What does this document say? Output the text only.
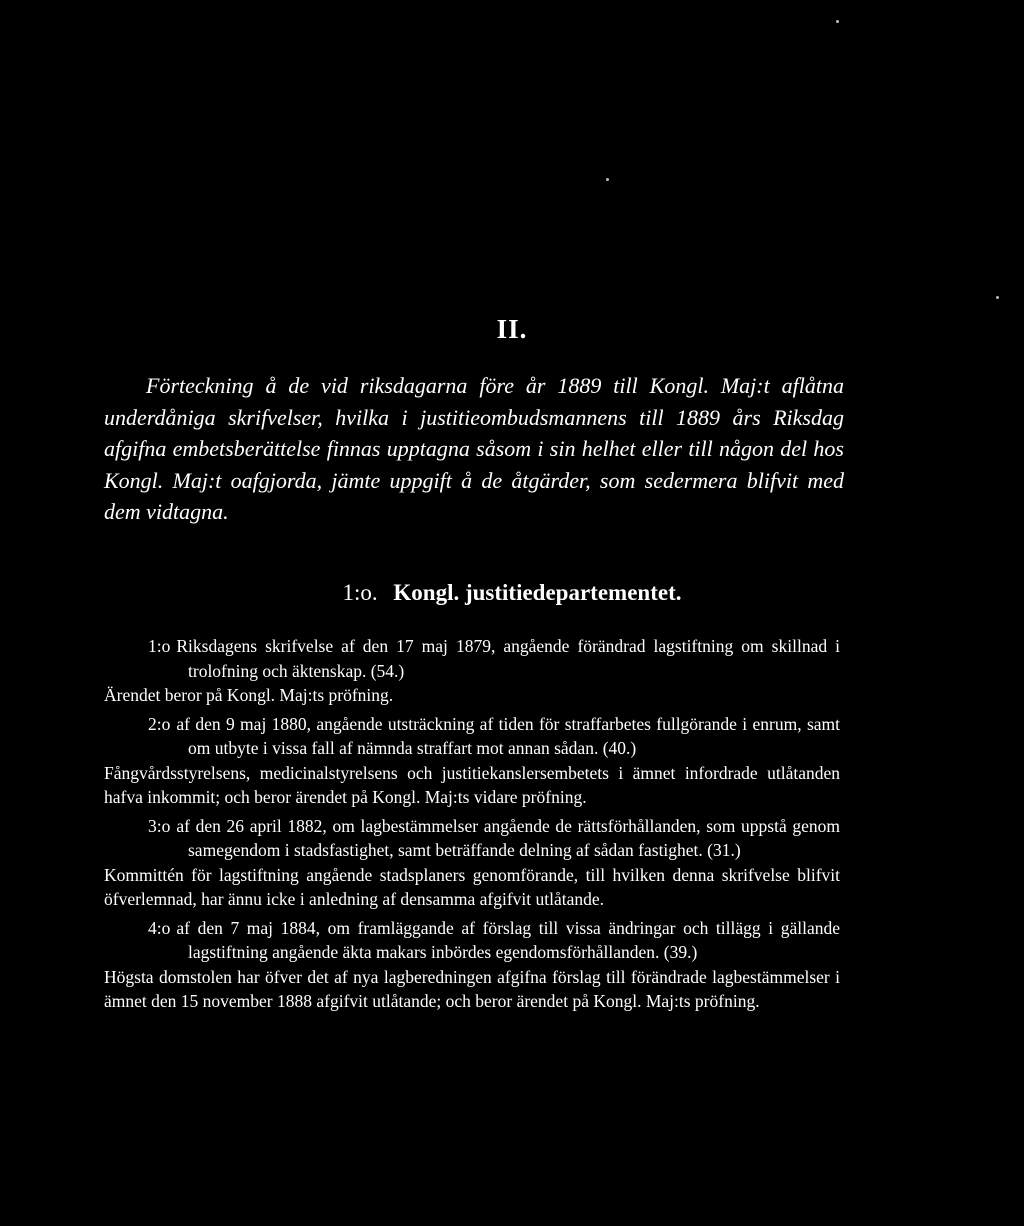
II.

Förteckning å de vid riksdagarna före år 1889 till Kongl. Maj:t aflåtna underdåniga skrifvelser, hvilka i justitieombudsmannens till 1889 års Riksdag afgifna embetsberättelse finnas upptagna såsom i sin helhet eller till någon del hos Kongl. Maj:t oafgjorda, jämte uppgift å de åtgärder, som sedermera blifvit med dem vidtagna.

1:o. Kongl. justitiedepartementet.

1:o Riksdagens skrifvelse af den 17 maj 1879, angående förändrad lagstiftning om skillnad i trolofning och äktenskap. (54.)

Ärendet beror på Kongl. Maj:ts pröfning.

2:o af den 9 maj 1880, angående utsträckning af tiden för straffarbetes fullgörande i enrum, samt om utbyte i vissa fall af nämnda straffart mot annan sådan. (40.)

Fångvårdsstyrelsens, medicinalstyrelsens och justitiekanslersembetets i ämnet infordrade utlåtanden hafva inkommit; och beror ärendet på Kongl. Maj:ts vidare pröfning.

3:o af den 26 april 1882, om lagbestämmelser angående de rättsförhållanden, som uppstå genom samegendom i stadsfastighet, samt beträffande delning af sådan fastighet. (31.)

Kommittén för lagstiftning angående stadsplaners genomförande, till hvilken denna skrifvelse blifvit öfverlemnad, har ännu icke i anledning af densamma afgifvit utlåtande.

4:o af den 7 maj 1884, om framläggande af förslag till vissa ändringar och tillägg i gällande lagstiftning angående äkta makars inbördes egendomsförhållanden. (39.)

Högsta domstolen har öfver det af nya lagberedningen afgifna förslag till förändrade lagbestämmelser i ämnet den 15 november 1888 afgifvit utlåtande; och beror ärendet på Kongl. Maj:ts pröfning.
